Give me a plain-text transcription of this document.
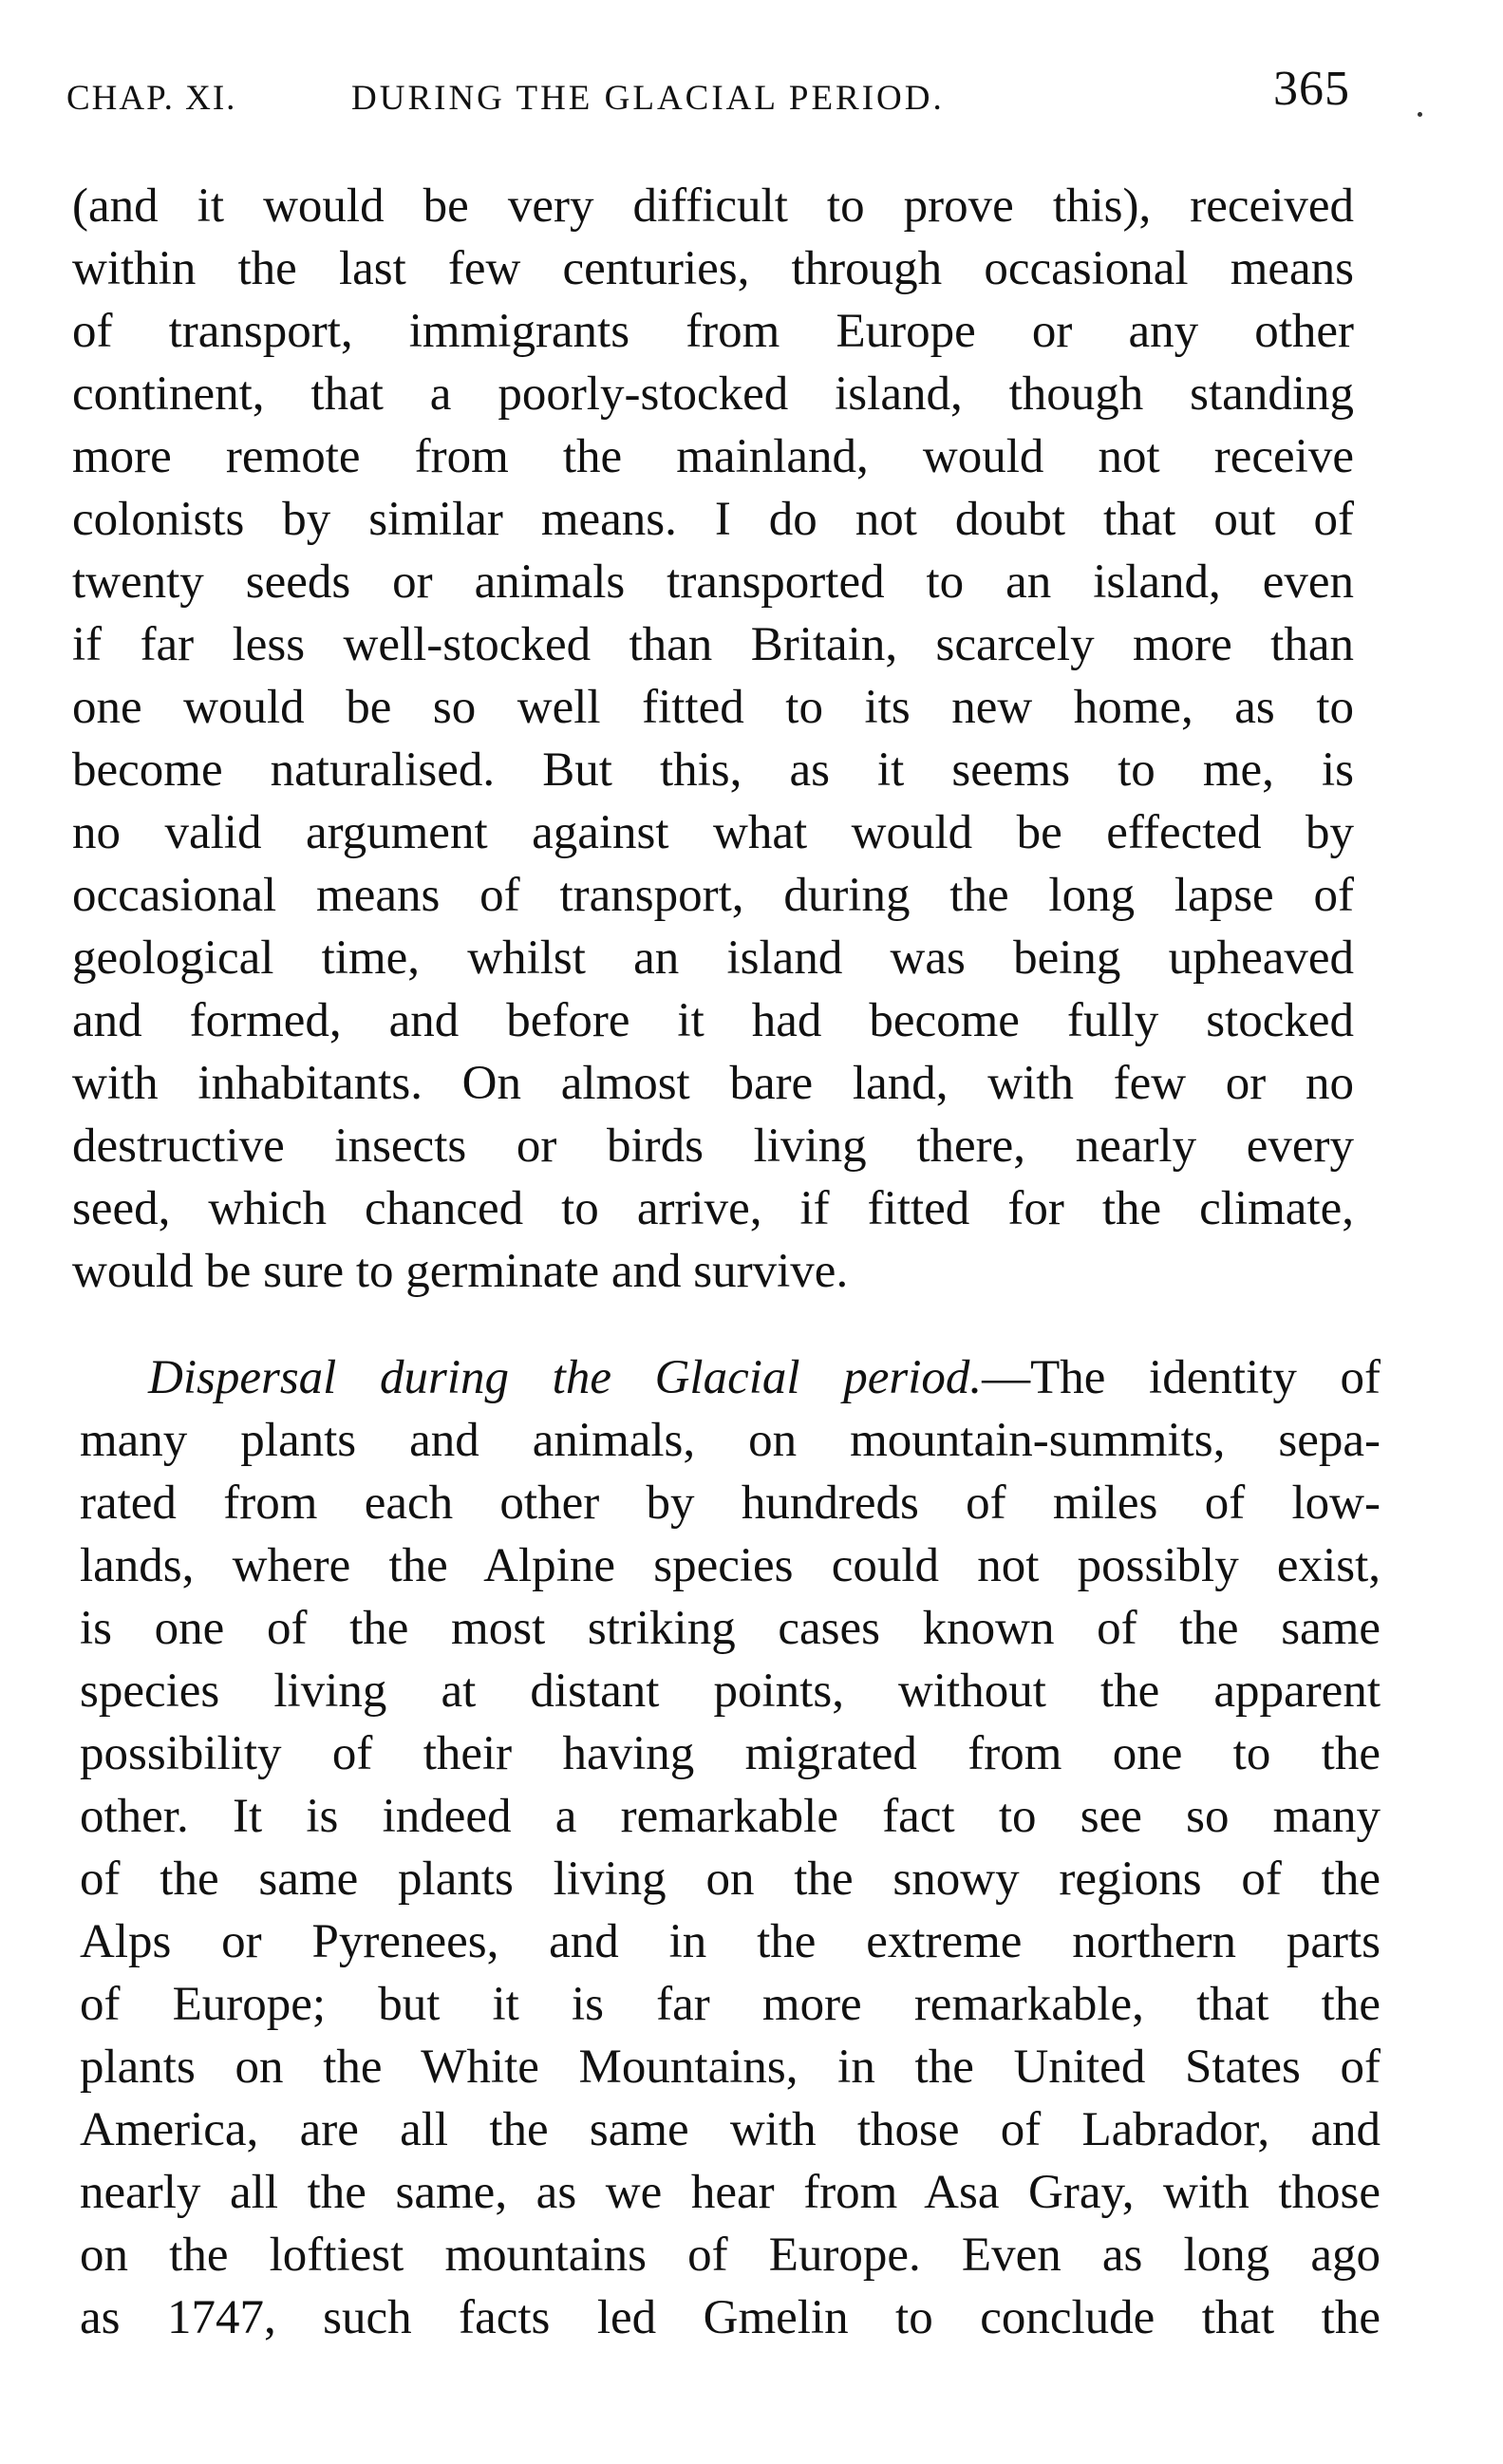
CHAP. XI.	DURING THE GLACIAL PERIOD.	365
(and it would be very difficult to prove this), received
within the last few centuries, through occasional means
of transport, immigrants from Europe or any other
continent, that a poorly-stocked island, though standing
more remote from the mainland, would not receive
colonists by similar means. I do not doubt that out of
twenty seeds or animals transported to an island, even
if far less well-stocked than Britain, scarcely more than
one would be so well fitted to its new home, as to
become naturalised. But this, as it seems to me, is
no valid argument against what would be effected by
occasional means of transport, during the long lapse of
geological time, whilst an island was being upheaved
and formed, and before it had become fully stocked
with inhabitants. On almost bare land, with few or no
destructive insects or birds living there, nearly every
seed, which chanced to arrive, if fitted for the climate,
would be sure to germinate and survive.
Dispersal during the Glacial period.—The identity of
many plants and animals, on mountain-summits, sepa-
rated from each other by hundreds of miles of low-
lands, where the Alpine species could not possibly exist,
is one of the most striking cases known of the same
species living at distant points, without the apparent
possibility of their having migrated from one to the
other. It is indeed a remarkable fact to see so many
of the same plants living on the snowy regions of the
Alps or Pyrenees, and in the extreme northern parts
of Europe; but it is far more remarkable, that the
plants on the White Mountains, in the United States of
America, are all the same with those of Labrador, and
nearly all the same, as we hear from Asa Gray, with those
on the loftiest mountains of Europe. Even as long ago
as 1747, such facts led Gmelin to conclude that the
